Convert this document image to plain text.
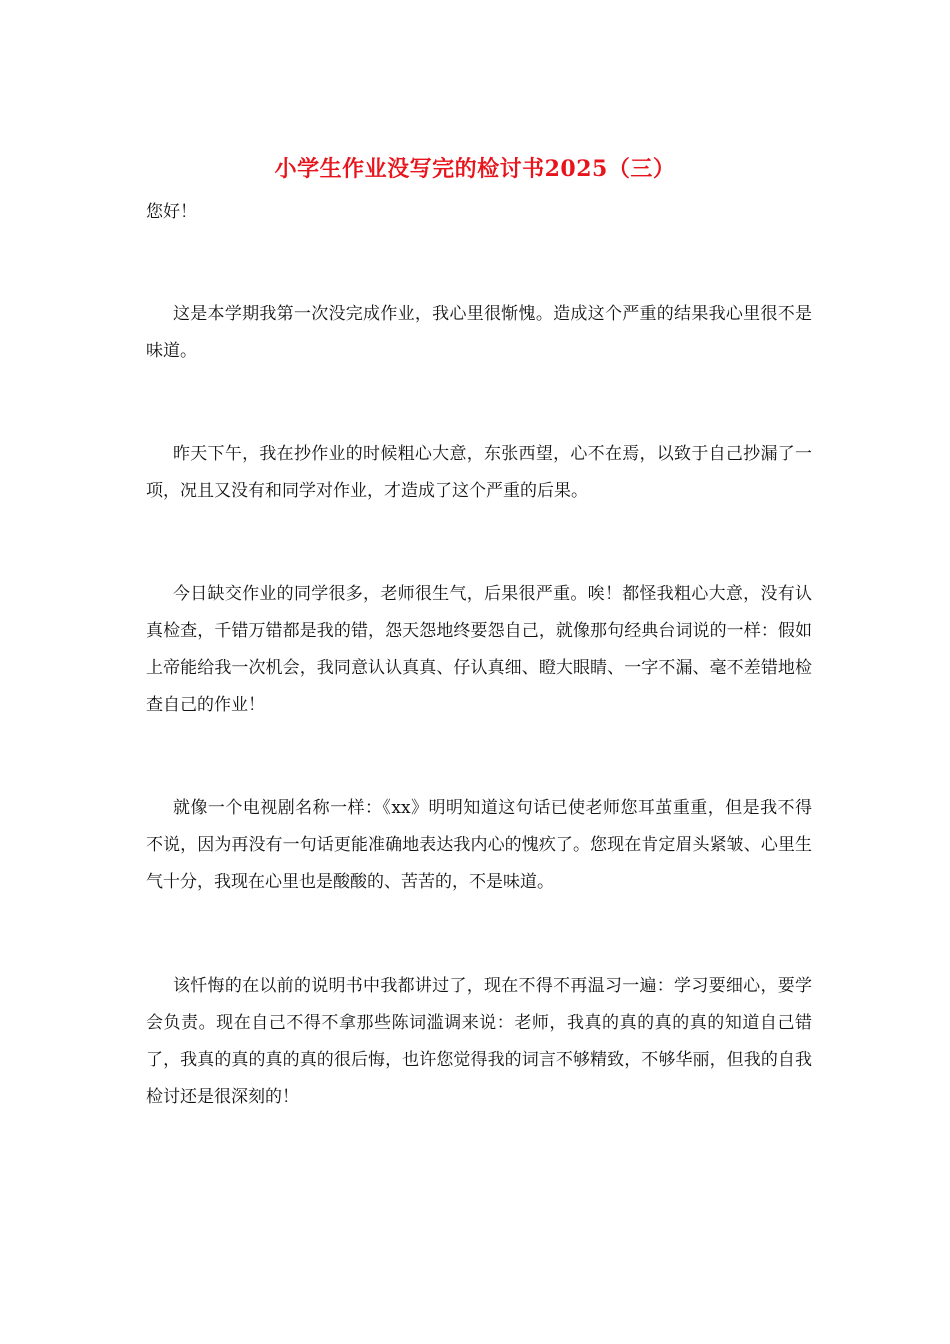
小学生作业没写完的检讨书2025（三）
您好！

这是本学期我第一次没完成作业，我心里很惭愧。造成这个严重的结果我心里很不是味道。

昨天下午，我在抄作业的时候粗心大意，东张西望，心不在焉，以致于自己抄漏了一项，况且又没有和同学对作业，才造成了这个严重的后果。

今日缺交作业的同学很多，老师很生气，后果很严重。唉！都怪我粗心大意，没有认真检查，千错万错都是我的错，怨天怨地终要怨自己，就像那句经典台词说的一样：假如上帝能给我一次机会，我同意认认真真、仔认真细、瞪大眼睛、一字不漏、毫不差错地检查自己的作业！

就像一个电视剧名称一样：《xx》明明知道这句话已使老师您耳茧重重，但是我不得不说，因为再没有一句话更能准确地表达我内心的愧疚了。您现在肯定眉头紧皱、心里生气十分，我现在心里也是酸酸的、苦苦的，不是味道。

该忏悔的在以前的说明书中我都讲过了，现在不得不再温习一遍：学习要细心，要学会负责。现在自己不得不拿那些陈词滥调来说：老师，我真的真的真的真的知道自己错了，我真的真的真的真的很后悔，也许您觉得我的词言不够精致，不够华丽，但我的自我检讨还是很深刻的！
